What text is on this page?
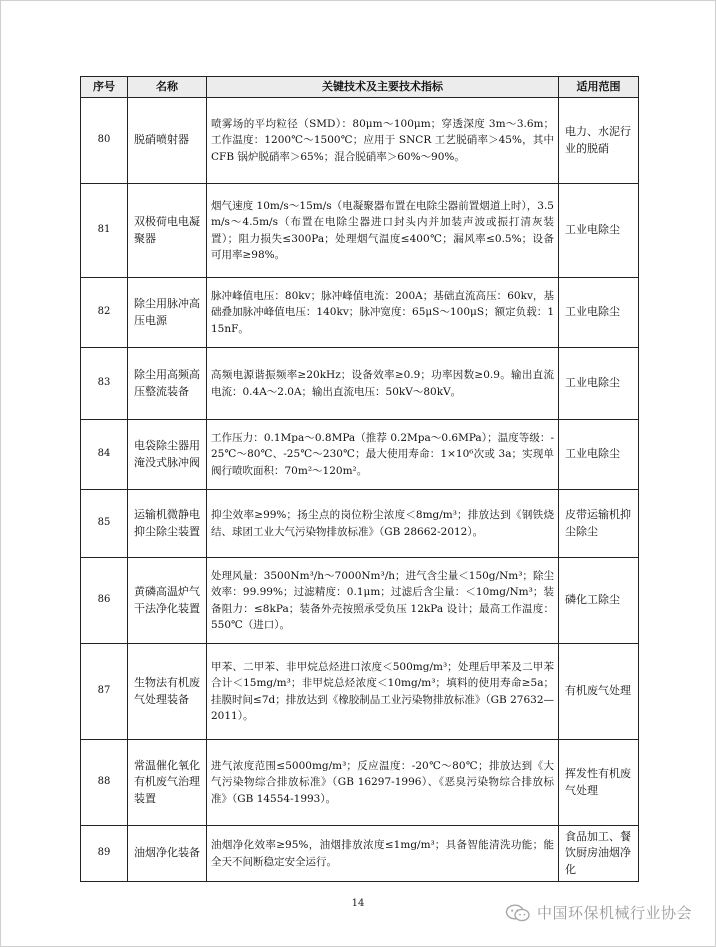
序号	名称	关键技术及主要技术指标	适用范围
80	脱硝喷射器	喷雾场的平均粒径（SMD）：80μm～100μm；穿透深度 3m～3.6m；工作温度：1200℃～1500℃；应用于 SNCR 工艺脱硝率＞45%，其中 CFB 锅炉脱硝率＞65%；混合脱硝率＞60%～90%。	电力、水泥行业的脱硝
81	双极荷电电凝聚器	烟气速度 10m/s～15m/s（电凝聚器布置在电除尘器前置烟道上时），3.5m/s～4.5m/s（布置在电除尘器进口封头内并加装声波或振打清灰装置）；阻力损失≤300Pa；处理烟气温度≤400℃；漏风率≤0.5%；设备可用率≥98%。	工业电除尘
82	除尘用脉冲高压电源	脉冲峰值电压：80kv；脉冲峰值电流：200A；基础直流高压：60kv，基础叠加脉冲峰值电压：140kv；脉冲宽度：65μS～100μS；额定负载：115nF。	工业电除尘
83	除尘用高频高压整流装备	高频电源谐振频率≥20kHz；设备效率≥0.9；功率因数≥0.9。输出直流电流：0.4A～2.0A；输出直流电压：50kV～80kV。	工业电除尘
84	电袋除尘器用淹没式脉冲阀	工作压力：0.1Mpa～0.8MPa（推荐 0.2Mpa～0.6MPa）；温度等级：-25℃～80℃、-25℃～230℃；最大使用寿命：1×10⁶次或 3a；实现单阀行喷吹面积：70m²～120m²。	工业电除尘
85	运输机微静电抑尘除尘装置	抑尘效率≥99%；扬尘点的岗位粉尘浓度＜8mg/m³；排放达到《钢铁烧结、球团工业大气污染物排放标准》（GB 28662-2012）。	皮带运输机抑尘除尘
86	黄磷高温炉气干法净化装置	处理风量：3500Nm³/h～7000Nm³/h；进气含尘量＜150g/Nm³；除尘效率：99.99%；过滤精度：0.1μm；过滤后含尘量：＜10mg/Nm³；装备阻力：≤8kPa；装备外壳按照承受负压 12kPa 设计；最高工作温度：550℃（进口）。	磷化工除尘
87	生物法有机废气处理装备	甲苯、二甲苯、非甲烷总烃进口浓度＜500mg/m³；处理后甲苯及二甲苯合计＜15mg/m³；非甲烷总烃浓度＜10mg/m³；填料的使用寿命≥5a；挂膜时间≤7d；排放达到《橡胶制品工业污染物排放标准》（GB 27632—2011）。	有机废气处理
88	常温催化氧化有机废气治理装置	进气浓度范围≤5000mg/m³；反应温度：-20℃～80℃；排放达到《大气污染物综合排放标准》（GB 16297-1996）、《恶臭污染物综合排放标准》（GB 14554-1993）。	挥发性有机废气处理
89	油烟净化装备	油烟净化效率≥95%，油烟排放浓度≤1mg/m³；具备智能清洗功能；能全天不间断稳定安全运行。	食品加工、餐饮厨房油烟净化
14
中国环保机械行业协会
